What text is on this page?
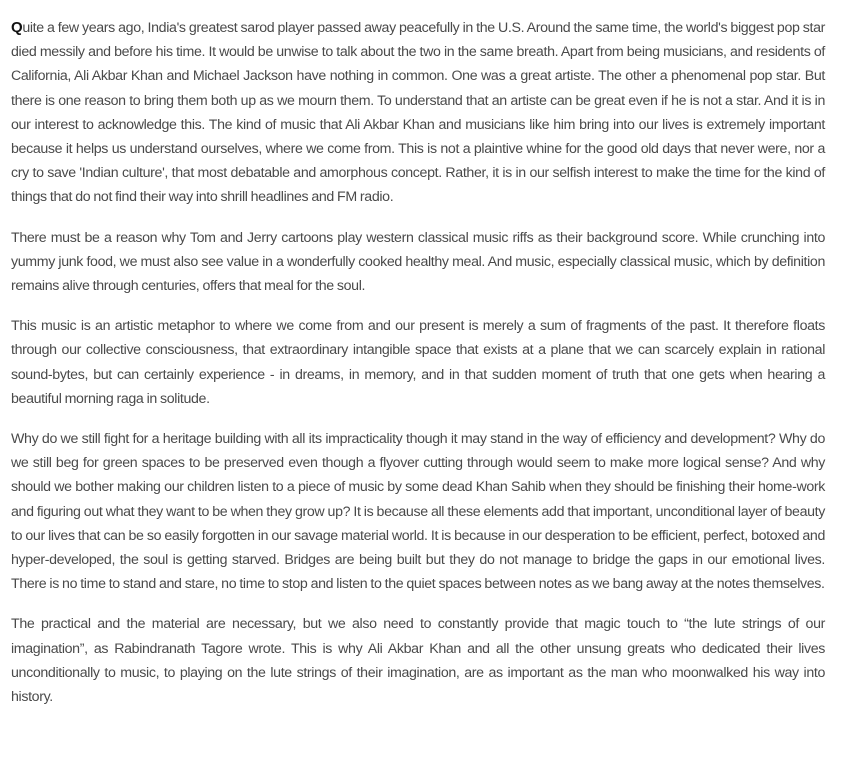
Quite a few years ago, India's greatest sarod player passed away peacefully in the U.S. Around the same time, the world's biggest pop star died messily and before his time. It would be unwise to talk about the two in the same breath. Apart from being musicians, and residents of California, Ali Akbar Khan and Michael Jackson have nothing in common. One was a great artiste. The other a phenomenal pop star. But there is one reason to bring them both up as we mourn them. To understand that an artiste can be great even if he is not a star. And it is in our interest to acknowledge this. The kind of music that Ali Akbar Khan and musicians like him bring into our lives is extremely important because it helps us understand ourselves, where we come from. This is not a plaintive whine for the good old days that never were, nor a cry to save 'Indian culture', that most debatable and amorphous concept. Rather, it is in our selfish interest to make the time for the kind of things that do not find their way into shrill headlines and FM radio.

There must be a reason why Tom and Jerry cartoons play western classical music riffs as their background score. While crunching into yummy junk food, we must also see value in a wonderfully cooked healthy meal. And music, especially classical music, which by definition remains alive through centuries, offers that meal for the soul.

This music is an artistic metaphor to where we come from and our present is merely a sum of fragments of the past. It therefore floats through our collective consciousness, that extraordinary intangible space that exists at a plane that we can scarcely explain in rational sound-bytes, but can certainly experience - in dreams, in memory, and in that sudden moment of truth that one gets when hearing a beautiful morning raga in solitude.

Why do we still fight for a heritage building with all its impracticality though it may stand in the way of efficiency and development? Why do we still beg for green spaces to be preserved even though a flyover cutting through would seem to make more logical sense? And why should we bother making our children listen to a piece of music by some dead Khan Sahib when they should be finishing their home-work and figuring out what they want to be when they grow up? It is because all these elements add that important, unconditional layer of beauty to our lives that can be so easily forgotten in our savage material world. It is because in our desperation to be efficient, perfect, botoxed and hyper-developed, the soul is getting starved. Bridges are being built but they do not manage to bridge the gaps in our emotional lives. There is no time to stand and stare, no time to stop and listen to the quiet spaces between notes as we bang away at the notes themselves.

The practical and the material are necessary, but we also need to constantly provide that magic touch to “the lute strings of our imagination”, as Rabindranath Tagore wrote. This is why Ali Akbar Khan and all the other unsung greats who dedicated their lives unconditionally to music, to playing on the lute strings of their imagination, are as important as the man who moonwalked his way into history.
